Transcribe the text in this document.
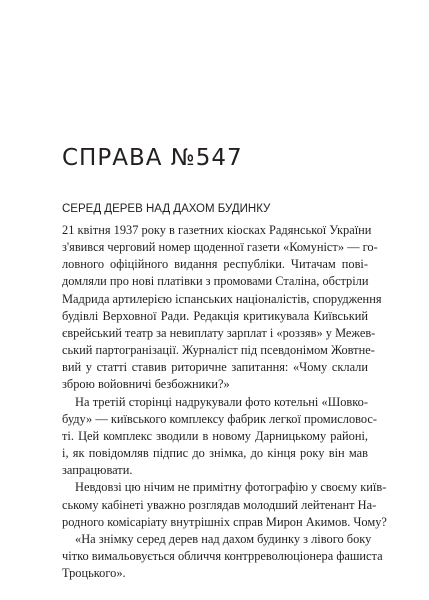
СПРАВА №547
СЕРЕД ДЕРЕВ НАД ДАХОМ БУДИНКУ
21 квітня 1937 року в газетних кіосках Радянської України
з'явився черговий номер щоденної газети «Комуніст» — го-
ловного офіційного видання республіки. Читачам пові-
домляли про нові платівки з промовами Сталіна, обстріли
Мадрида артилерією іспанських націоналістів, спорудження
будівлі Верховної Ради. Редакція критикувала Київський
єврейський театр за невиплату зарплат і «роззяв» у Межев-
ський партогранізації. Журналіст під псевдонімом Жовтне-
вий у статті ставив риторичне запитання: «Чому склали
зброю войовничі безбожники?»
На третій сторінці надрукували фото котельні «Шовко-
буду» — київського комплексу фабрик легкої промисловос-
ті. Цей комплекс зводили в новому Дарницькому районі,
і, як повідомляв підпис до знімка, до кінця року він мав
запрацювати.
Невдовзі цю нічим не примітну фотографію у своєму київ-
ському кабінеті уважно розглядав молодший лейтенант На-
родного комісаріату внутрішніх справ Мирон Акимов. Чому?
«На знімку серед дерев над дахом будинку з лівого боку
чітко вимальовується обличчя контрреволюціонера фашиста
Троцького».
